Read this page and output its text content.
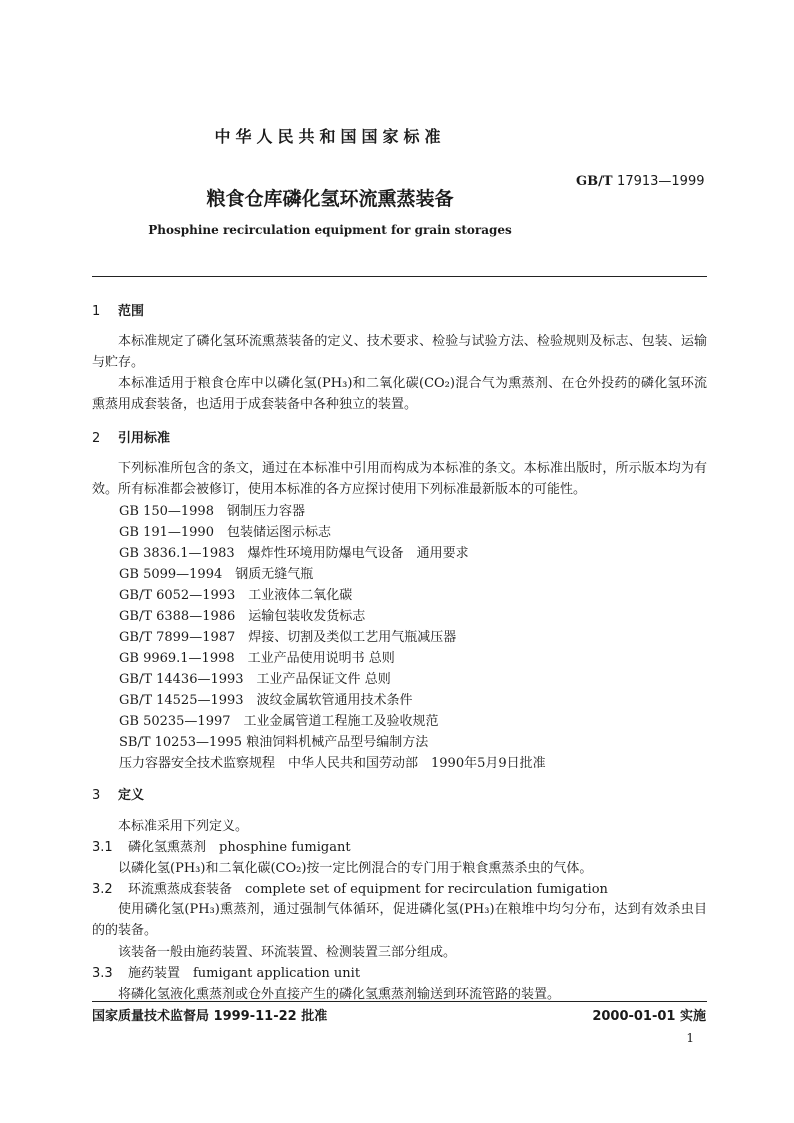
中华人民共和国国家标准
GB/T 17913—1999
粮食仓库磷化氢环流熏蒸装备
Phosphine recirculation equipment for grain storages
1 范围
本标准规定了磷化氢环流熏蒸装备的定义、技术要求、检验与试验方法、检验规则及标志、包装、运输与贮存。
本标准适用于粮食仓库中以磷化氢(PH₃)和二氧化碳(CO₂)混合气为熏蒸剂、在仓外投药的磷化氢环流熏蒸用成套装备，也适用于成套装备中各种独立的装置。
2 引用标准
下列标准所包含的条文，通过在本标准中引用而构成为本标准的条文。本标准出版时，所示版本均为有效。所有标准都会被修订，使用本标准的各方应探讨使用下列标准最新版本的可能性。
GB 150—1998　钢制压力容器
GB 191—1990　包装储运图示标志
GB 3836.1—1983　爆炸性环境用防爆电气设备　通用要求
GB 5099—1994　钢质无缝气瓶
GB/T 6052—1993　工业液体二氧化碳
GB/T 6388—1986　运输包装收发货标志
GB/T 7899—1987　焊接、切割及类似工艺用气瓶减压器
GB 9969.1—1998　工业产品使用说明书 总则
GB/T 14436—1993　工业产品保证文件 总则
GB/T 14525—1993　波纹金属软管通用技术条件
GB 50235—1997　工业金属管道工程施工及验收规范
SB/T 10253—1995 粮油饲料机械产品型号编制方法
压力容器安全技术监察规程　中华人民共和国劳动部　1990年5月9日批准
3 定义
本标准采用下列定义。
3.1 磷化氢熏蒸剂　phosphine fumigant
以磷化氢(PH₃)和二氧化碳(CO₂)按一定比例混合的专门用于粮食熏蒸杀虫的气体。
3.2 环流熏蒸成套装备　complete set of equipment for recirculation fumigation
使用磷化氢(PH₃)熏蒸剂，通过强制气体循环，促进磷化氢(PH₃)在粮堆中均匀分布，达到有效杀虫目的的装备。
该装备一般由施药装置、环流装置、检测装置三部分组成。
3.3 施药装置　fumigant application unit
将磷化氢液化熏蒸剂或仓外直接产生的磷化氢熏蒸剂输送到环流管路的装置。
国家质量技术监督局 1999-11-22 批准	2000-01-01 实施
1
